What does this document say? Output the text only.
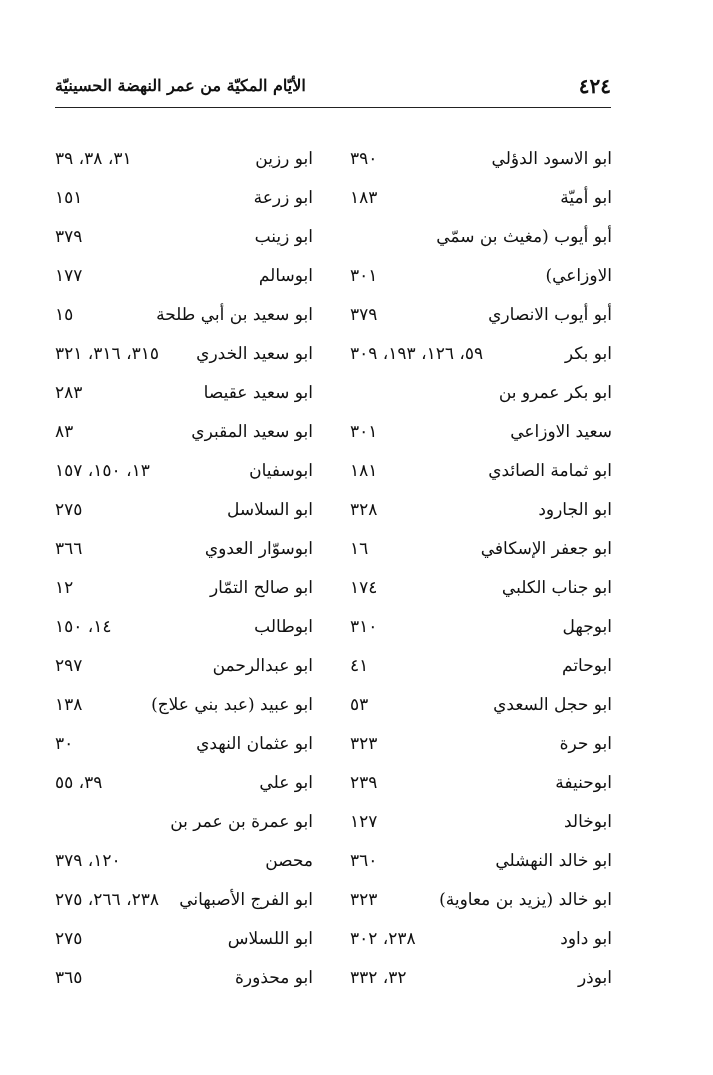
٤٢٤
الأيّام المكيّة من عمر النهضة الحسينيّة
ابو الاسود الدؤلي
٣٩٠
ابو أميّة
١٨٣
أبو أيوب (مغيث بن سمّي
الاوزاعي)
٣٠١
أبو أيوب الانصاري
٣٧٩
ابو بكر
٥٩، ١٢٦، ١٩٣، ٣٠٩
ابو بكر عمرو بن
سعيد الاوزاعي
٣٠١
ابو ثمامة الصائدي
١٨١
ابو الجارود
٣٢٨
ابو جعفر الإسكافي
١٦
ابو جناب الكلبي
١٧٤
ابوجهل
٣١٠
ابوحاتم
٤١
ابو حجل السعدي
٥٣
ابو حرة
٣٢٣
ابوحنيفة
٢٣٩
ابوخالد
١٢٧
ابو خالد النهشلي
٣٦٠
ابو خالد (يزيد بن معاوية)
٣٢٣
ابو داود
٢٣٨، ٣٠٢
ابوذر
٣٢، ٣٣٢
ابو رزين
٣١، ٣٨، ٣٩
ابو زرعة
١٥١
ابو زينب
٣٧٩
ابوسالم
١٧٧
ابو سعيد بن أبي طلحة
١٥
ابو سعيد الخدري
٣١٥، ٣١٦، ٣٢١
ابو سعيد عقيصا
٢٨٣
ابو سعيد المقبري
٨٣
ابوسفيان
١٣، ١٥٠، ١٥٧
ابو السلاسل
٢٧٥
ابوسوّار العدوي
٣٦٦
ابو صالح التمّار
١٢
ابوطالب
١٤، ١٥٠
ابو عبدالرحمن
٢٩٧
ابو عبيد (عبد بني علاج)
١٣٨
ابو عثمان النهدي
٣٠
ابو علي
٣٩، ٥٥
ابو عمرة بن عمر بن
محصن
١٢٠، ٣٧٩
ابو الفرج الأصبهاني
٢٣٨، ٢٦٦، ٢٧٥
ابو اللسلاس
٢٧٥
ابو محذورة
٣٦٥
